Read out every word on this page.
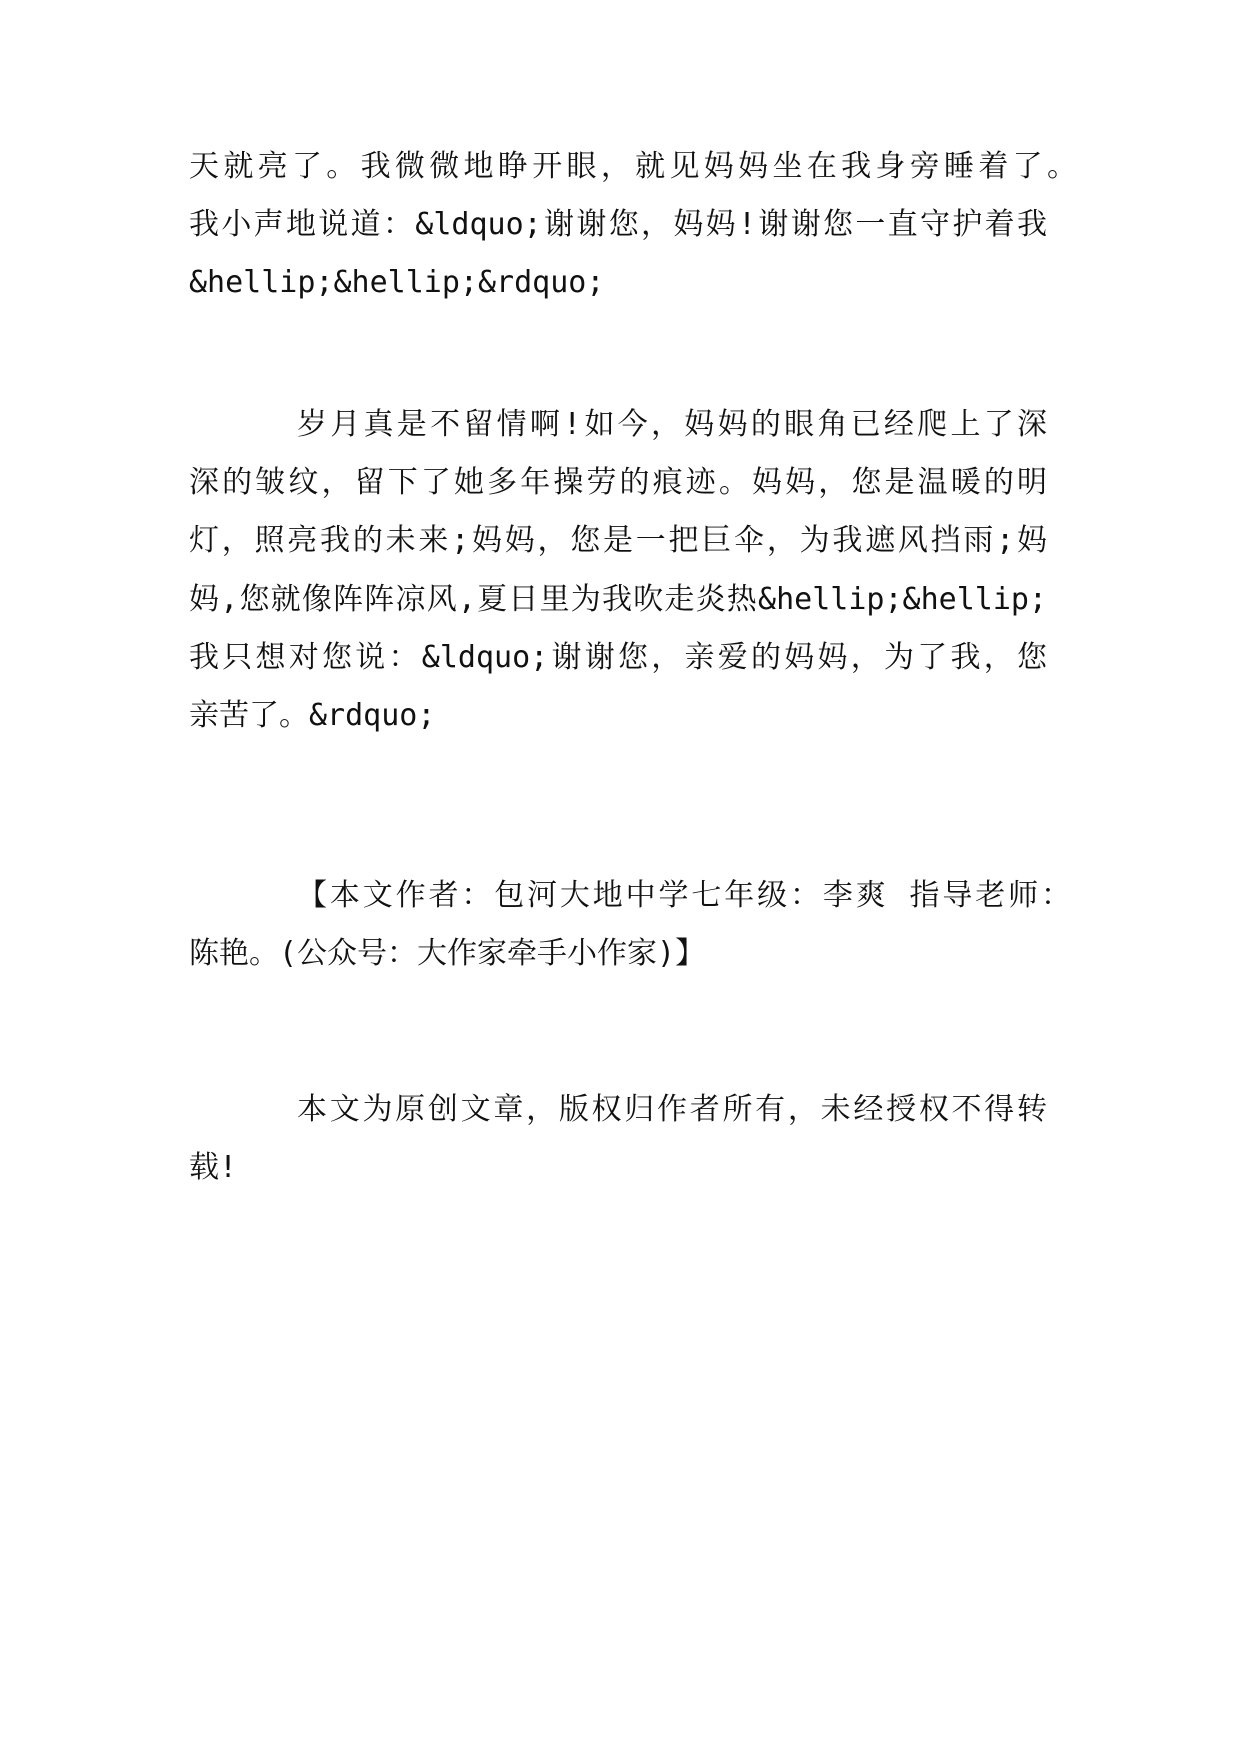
天就亮了。我微微地睁开眼，就见妈妈坐在我身旁睡着了。
我小声地说道：&ldquo;谢谢您，妈妈!谢谢您一直守护着我
&hellip;&hellip;&rdquo;
岁月真是不留情啊!如今，妈妈的眼角已经爬上了深
深的皱纹，留下了她多年操劳的痕迹。妈妈，您是温暖的明
灯，照亮我的未来;妈妈，您是一把巨伞，为我遮风挡雨;妈
妈,您就像阵阵凉风,夏日里为我吹走炎热&hellip;&hellip;
我只想对您说：&ldquo;谢谢您，亲爱的妈妈，为了我，您
亲苦了。&rdquo;
【本文作者：包河大地中学七年级：李爽 指导老师：
陈艳。(公众号：大作家牵手小作家)】
本文为原创文章，版权归作者所有，未经授权不得转
载!
